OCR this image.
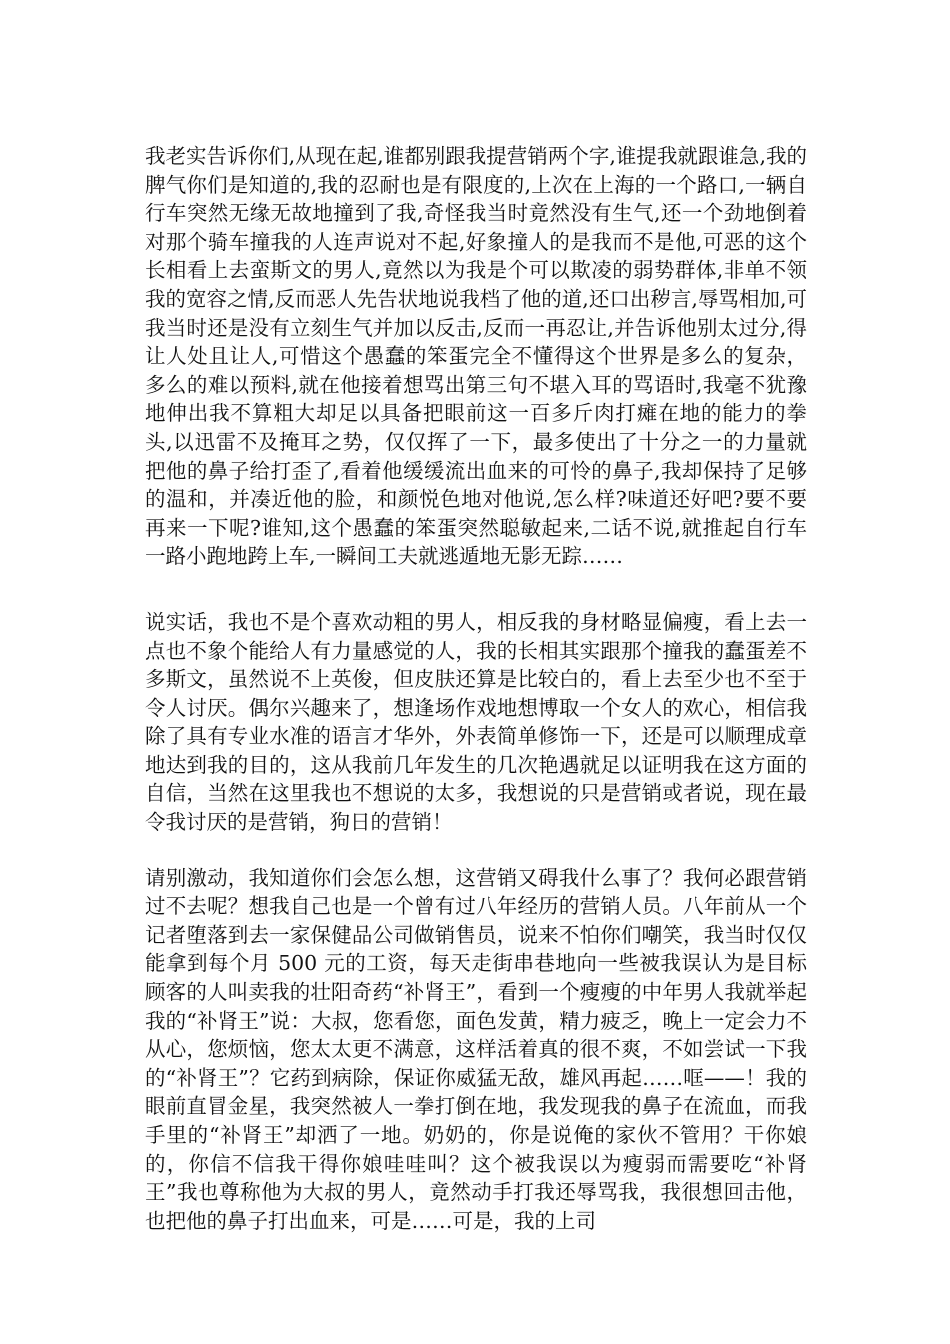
我老实告诉你们,从现在起,谁都别跟我提营销两个字,谁提我就跟谁急,我的脾气你们是知道的,我的忍耐也是有限度的,上次在上海的一个路口,一辆自行车突然无缘无故地撞到了我,奇怪我当时竟然没有生气,还一个劲地倒着对那个骑车撞我的人连声说对不起,好象撞人的是我而不是他,可恶的这个长相看上去蛮斯文的男人,竟然以为我是个可以欺凌的弱势群体,非单不领我的宽容之情,反而恶人先告状地说我档了他的道,还口出秽言,辱骂相加,可我当时还是没有立刻生气并加以反击,反而一再忍让,并告诉他别太过分,得让人处且让人,可惜这个愚蠢的笨蛋完全不懂得这个世界是多么的复杂，多么的难以预料,就在他接着想骂出第三句不堪入耳的骂语时,我毫不犹豫地伸出我不算粗大却足以具备把眼前这一百多斤肉打瘫在地的能力的拳头,以迅雷不及掩耳之势，仅仅挥了一下，最多使出了十分之一的力量就把他的鼻子给打歪了,看着他缓缓流出血来的可怜的鼻子,我却保持了足够的温和，并凑近他的脸，和颜悦色地对他说,怎么样?味道还好吧?要不要再来一下呢?谁知,这个愚蠢的笨蛋突然聪敏起来,二话不说,就推起自行车一路小跑地跨上车,一瞬间工夫就逃遁地无影无踪……

说实话，我也不是个喜欢动粗的男人，相反我的身材略显偏瘦，看上去一点也不象个能给人有力量感觉的人，我的长相其实跟那个撞我的蠢蛋差不多斯文，虽然说不上英俊，但皮肤还算是比较白的，看上去至少也不至于令人讨厌。偶尔兴趣来了，想逢场作戏地想博取一个女人的欢心，相信我除了具有专业水准的语言才华外，外表简单修饰一下，还是可以顺理成章地达到我的目的，这从我前几年发生的几次艳遇就足以证明我在这方面的自信，当然在这里我也不想说的太多，我想说的只是营销或者说，现在最令我讨厌的是营销，狗日的营销！

请别激动，我知道你们会怎么想，这营销又碍我什么事了？我何必跟营销过不去呢？想我自己也是一个曾有过八年经历的营销人员。八年前从一个记者堕落到去一家保健品公司做销售员，说来不怕你们嘲笑，我当时仅仅能拿到每个月 500 元的工资，每天走街串巷地向一些被我误认为是目标顾客的人叫卖我的壮阳奇药“补肾王”，看到一个瘦瘦的中年男人我就举起我的“补肾王”说：大叔，您看您，面色发黄，精力疲乏，晚上一定会力不从心，您烦恼，您太太更不满意，这样活着真的很不爽，不如尝试一下我的“补肾王”？它药到病除，保证你威猛无敌，雄风再起……哐——！我的眼前直冒金星，我突然被人一拳打倒在地，我发现我的鼻子在流血，而我手里的“补肾王”却洒了一地。奶奶的，你是说俺的家伙不管用？干你娘的，你信不信我干得你娘哇哇叫？这个被我误以为瘦弱而需要吃“补肾王”我也尊称他为大叔的男人，竟然动手打我还辱骂我，我很想回击他，也把他的鼻子打出血来，可是……可是，我的上司
